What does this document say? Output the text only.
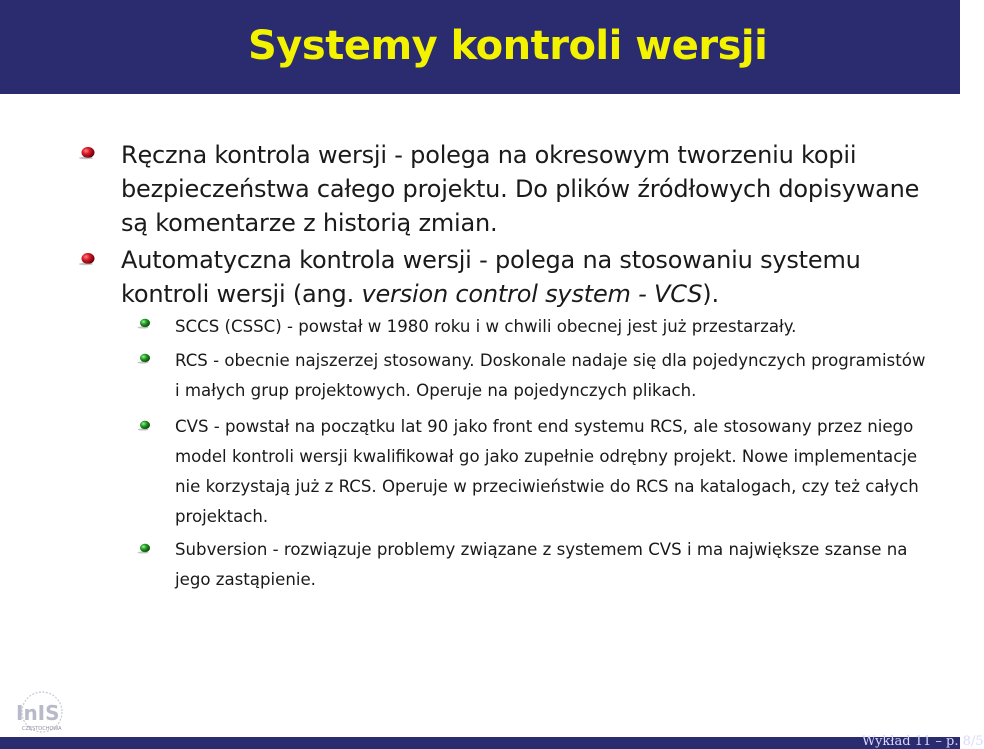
Systemy kontroli wersji
Ręczna kontrola wersji - polega na okresowym tworzeniu kopii bezpieczeństwa całego projektu. Do plików źródłowych dopisywane są komentarze z historią zmian.
Automatyczna kontrola wersji - polega na stosowaniu systemu kontroli wersji (ang. version control system - VCS).
SCCS (CSSC) - powstał w 1980 roku i w chwili obecnej jest już przestarzały.
RCS - obecnie najszerzej stosowany. Doskonale nadaje się dla pojedynczych programistów i małych grup projektowych. Operuje na pojedynczych plikach.
CVS - powstał na początku lat 90 jako front end systemu RCS, ale stosowany przez niego model kontroli wersji kwalifikował go jako zupełnie odrębny projekt. Nowe implementacje nie korzystają już z RCS. Operuje w przeciwieństwie do RCS na katalogach, czy też całych projektach.
Subversion - rozwiązuje problemy związane z systemem CVS i ma największe szanse na jego zastąpienie.
InIS
CZĘSTOCHOWA
Wykład 11 – p. 8/5
